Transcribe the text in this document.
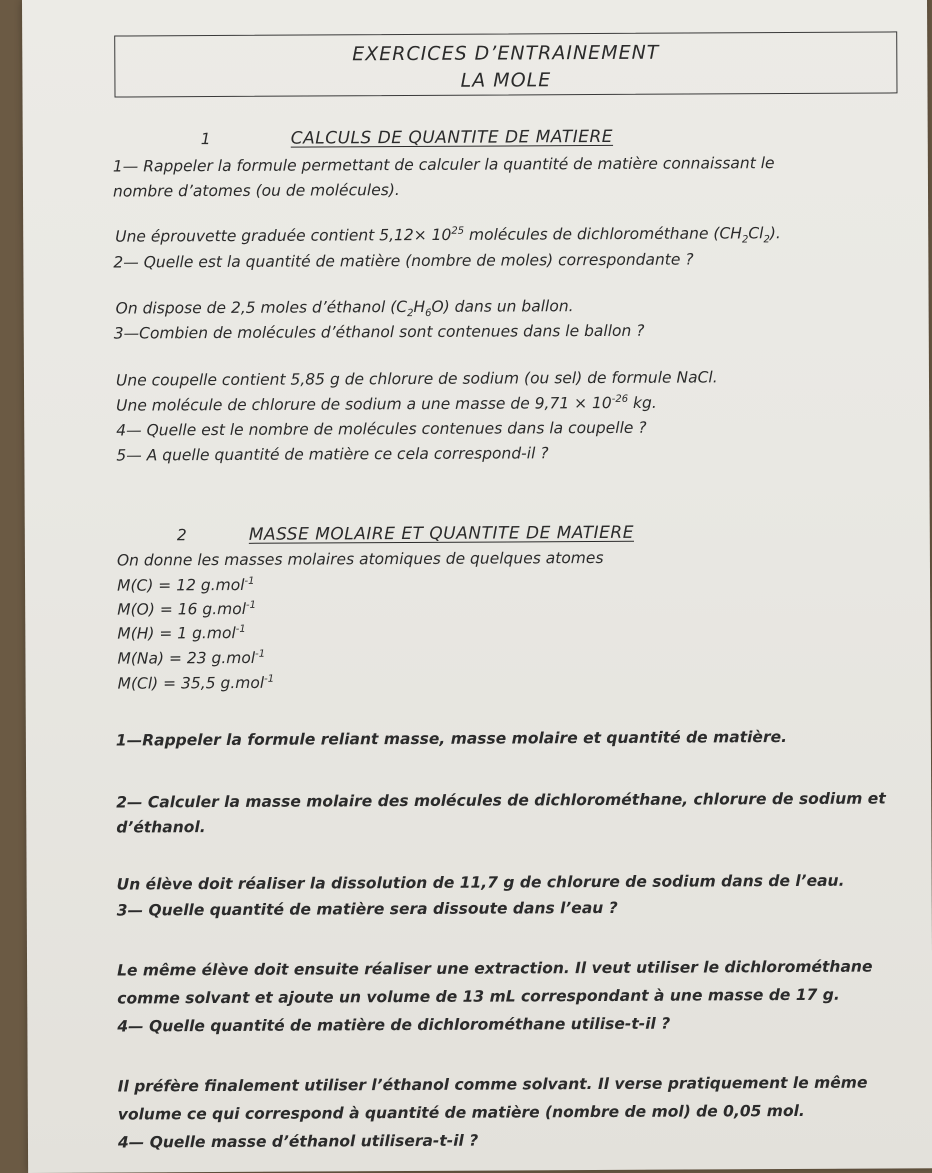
EXERCICES D’ENTRAINEMENT
LA MOLE
1	CALCULS DE QUANTITE DE MATIERE
1— Rappeler la formule permettant de calculer la quantité de matière connaissant le
nombre d’atomes (ou de molécules).
Une éprouvette graduée contient $5,12\times 10^{25}$ molécules de dichlorométhane $(CH_2Cl_2)$.
2— Quelle est la quantité de matière (nombre de moles) correspondante ?
On dispose de 2,5 moles d’éthanol $(C_2H_6O)$ dans un ballon.
3—Combien de molécules d’éthanol sont contenues dans le ballon ?
Une coupelle contient 5,85 g de chlorure de sodium (ou sel) de formule NaCl.
Une molécule de chlorure de sodium a une masse de $9,71 \times 10^{-26}$ kg.
4— Quelle est le nombre de molécules contenues dans la coupelle ?
5— A quelle quantité de matière ce cela correspond-il ?
2	MASSE MOLAIRE ET QUANTITE DE MATIERE
On donne les masses molaires atomiques de quelques atomes
M(C) = 12 g.mol$^{-1}$
M(O) = 16 g.mol$^{-1}$
M(H) = 1 g.mol$^{-1}$
M(Na) = 23 g.mol$^{-1}$
M(Cl) = 35,5 g.mol$^{-1}$
1—Rappeler la formule reliant masse, masse molaire et quantité de matière.
2— Calculer la masse molaire des molécules de dichlorométhane, chlorure de sodium et
d’éthanol.
Un élève doit réaliser la dissolution de 11,7 g de chlorure de sodium dans de l’eau.
3— Quelle quantité de matière sera dissoute dans l’eau ?
Le même élève doit ensuite réaliser une extraction. Il veut utiliser le dichlorométhane
comme solvant et ajoute un volume de 13 mL correspondant à une masse de 17 g.
4— Quelle quantité de matière de dichlorométhane utilise-t-il ?
Il préfère finalement utiliser l’éthanol comme solvant. Il verse pratiquement le même
volume ce qui correspond à quantité de matière (nombre de mol) de 0,05 mol.
4— Quelle masse d’éthanol utilisera-t-il ?
